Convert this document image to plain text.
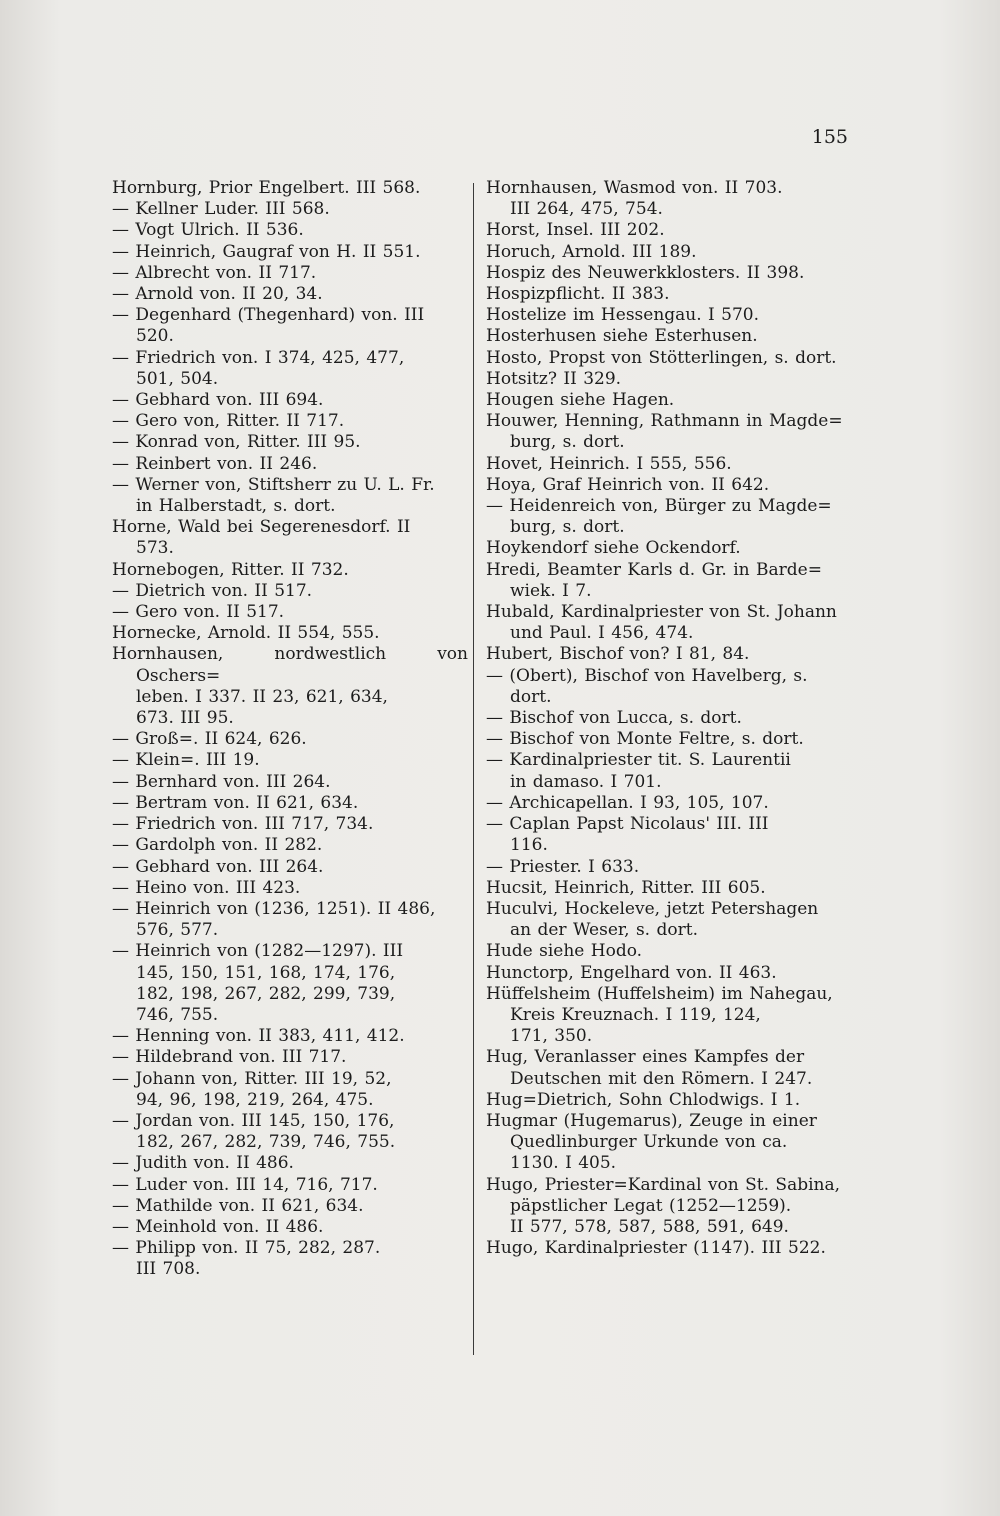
155
Hornburg, Prior Engelbert. III 568.
— Kellner Luder. III 568.
— Vogt Ulrich. II 536.
— Heinrich, Gaugraf von H. II 551.
— Albrecht von. II 717.
— Arnold von. II 20, 34.
— Degenhard (Thegenhard) von. III
520.
— Friedrich von. I 374, 425, 477,
501, 504.
— Gebhard von. III 694.
— Gero von, Ritter. II 717.
— Konrad von, Ritter. III 95.
— Reinbert von. II 246.
— Werner von, Stiftsherr zu U. L. Fr.
in Halberstadt, s. dort.
Horne, Wald bei Segerenesdorf. II
573.
Hornebogen, Ritter. II 732.
— Dietrich von. II 517.
— Gero von. II 517.
Hornecke, Arnold. II 554, 555.
Hornhausen, nordwestlich von Oschers=
leben. I 337. II 23, 621, 634,
673. III 95.
— Groß=. II 624, 626.
— Klein=. III 19.
— Bernhard von. III 264.
— Bertram von. II 621, 634.
— Friedrich von. III 717, 734.
— Gardolph von. II 282.
— Gebhard von. III 264.
— Heino von. III 423.
— Heinrich von (1236, 1251). II 486,
576, 577.
— Heinrich von (1282—1297). III
145, 150, 151, 168, 174, 176,
182, 198, 267, 282, 299, 739,
746, 755.
— Henning von. II 383, 411, 412.
— Hildebrand von. III 717.
— Johann von, Ritter. III 19, 52,
94, 96, 198, 219, 264, 475.
— Jordan von. III 145, 150, 176,
182, 267, 282, 739, 746, 755.
— Judith von. II 486.
— Luder von. III 14, 716, 717.
— Mathilde von. II 621, 634.
— Meinhold von. II 486.
— Philipp von. II 75, 282, 287.
III 708.
Hornhausen, Wasmod von. II 703.
III 264, 475, 754.
Horst, Insel. III 202.
Horuch, Arnold. III 189.
Hospiz des Neuwerkklosters. II 398.
Hospizpflicht. II 383.
Hostelize im Hessengau. I 570.
Hosterhusen siehe Esterhusen.
Hosto, Propst von Stötterlingen, s. dort.
Hotsitz? II 329.
Hougen siehe Hagen.
Houwer, Henning, Rathmann in Magde=
burg, s. dort.
Hovet, Heinrich. I 555, 556.
Hoya, Graf Heinrich von. II 642.
— Heidenreich von, Bürger zu Magde=
burg, s. dort.
Hoykendorf siehe Ockendorf.
Hredi, Beamter Karls d. Gr. in Barde=
wiek. I 7.
Hubald, Kardinalpriester von St. Johann
und Paul. I 456, 474.
Hubert, Bischof von? I 81, 84.
— (Obert), Bischof von Havelberg, s.
dort.
— Bischof von Lucca, s. dort.
— Bischof von Monte Feltre, s. dort.
— Kardinalpriester tit. S. Laurentii
in damaso. I 701.
— Archicapellan. I 93, 105, 107.
— Caplan Papst Nicolaus' III. III
116.
— Priester. I 633.
Hucsit, Heinrich, Ritter. III 605.
Huculvi, Hockeleve, jetzt Petershagen
an der Weser, s. dort.
Hude siehe Hodo.
Hunctorp, Engelhard von. II 463.
Hüffelsheim (Huffelsheim) im Nahegau,
Kreis Kreuznach. I 119, 124,
171, 350.
Hug, Veranlasser eines Kampfes der
Deutschen mit den Römern. I 247.
Hug=Dietrich, Sohn Chlodwigs. I 1.
Hugmar (Hugemarus), Zeuge in einer
Quedlinburger Urkunde von ca.
1130. I 405.
Hugo, Priester=Kardinal von St. Sabina,
päpstlicher Legat (1252—1259).
II 577, 578, 587, 588, 591, 649.
Hugo, Kardinalpriester (1147). III 522.
